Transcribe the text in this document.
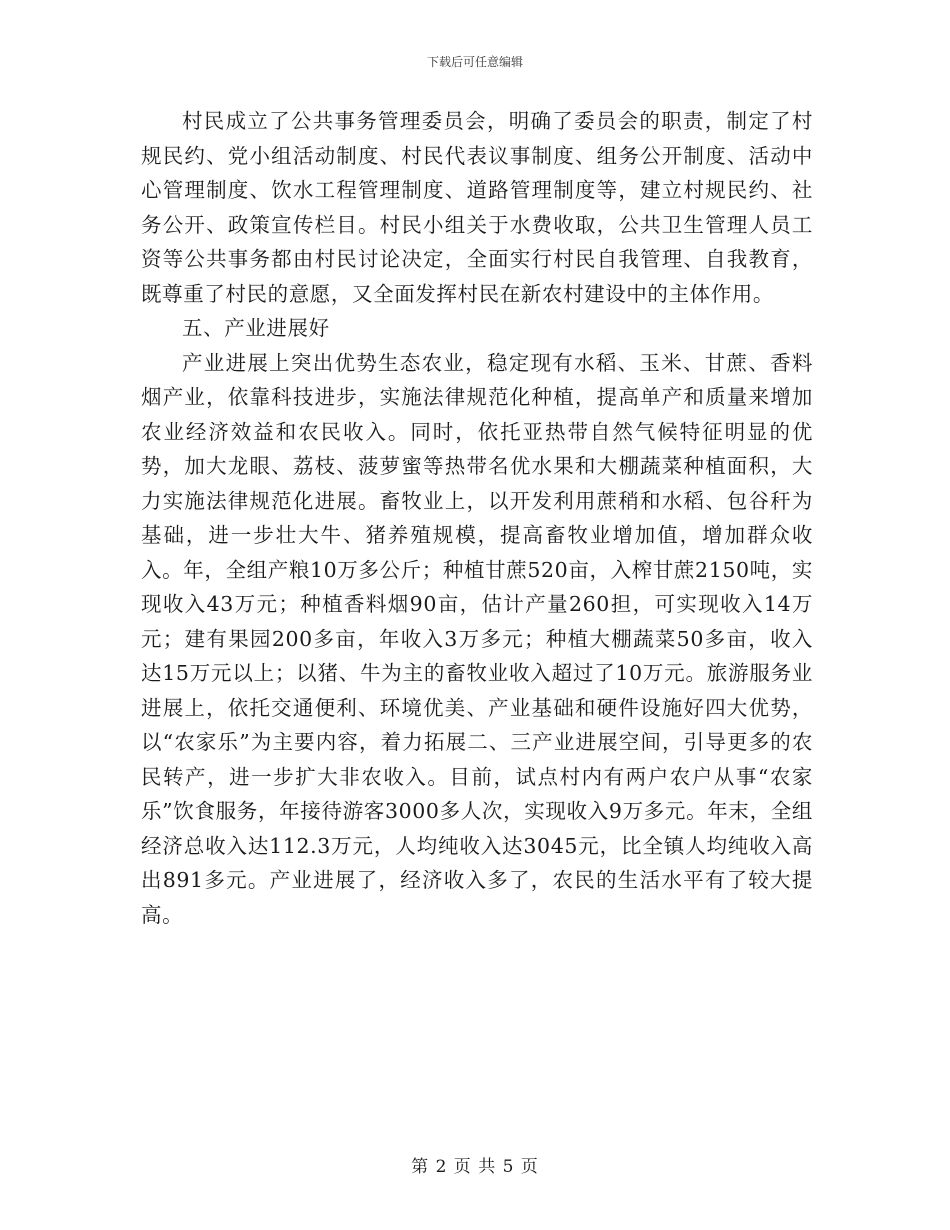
下载后可任意编辑

村民成立了公共事务管理委员会，明确了委员会的职责，制定了村规民约、党小组活动制度、村民代表议事制度、组务公开制度、活动中心管理制度、饮水工程管理制度、道路管理制度等，建立村规民约、社务公开、政策宣传栏目。村民小组关于水费收取，公共卫生管理人员工资等公共事务都由村民讨论决定，全面实行村民自我管理、自我教育，既尊重了村民的意愿，又全面发挥村民在新农村建设中的主体作用。

五、产业进展好

产业进展上突出优势生态农业，稳定现有水稻、玉米、甘蔗、香料烟产业，依靠科技进步，实施法律规范化种植，提高单产和质量来增加农业经济效益和农民收入。同时，依托亚热带自然气候特征明显的优势，加大龙眼、荔枝、菠萝蜜等热带名优水果和大棚蔬菜种植面积，大力实施法律规范化进展。畜牧业上，以开发利用蔗稍和水稻、包谷秆为基础，进一步壮大牛、猪养殖规模，提高畜牧业增加值，增加群众收入。年，全组产粮10万多公斤；种植甘蔗520亩，入榨甘蔗2150吨，实现收入43万元；种植香料烟90亩，估计产量260担，可实现收入14万元；建有果园200多亩，年收入3万多元；种植大棚蔬菜50多亩，收入达15万元以上；以猪、牛为主的畜牧业收入超过了10万元。旅游服务业进展上，依托交通便利、环境优美、产业基础和硬件设施好四大优势，以“农家乐”为主要内容，着力拓展二、三产业进展空间，引导更多的农民转产，进一步扩大非农收入。目前，试点村内有两户农户从事“农家乐”饮食服务，年接待游客3000多人次，实现收入9万多元。年末，全组经济总收入达112.3万元，人均纯收入达3045元，比全镇人均纯收入高出891多元。产业进展了，经济收入多了，农民的生活水平有了较大提高。

第 2 页 共 5 页
